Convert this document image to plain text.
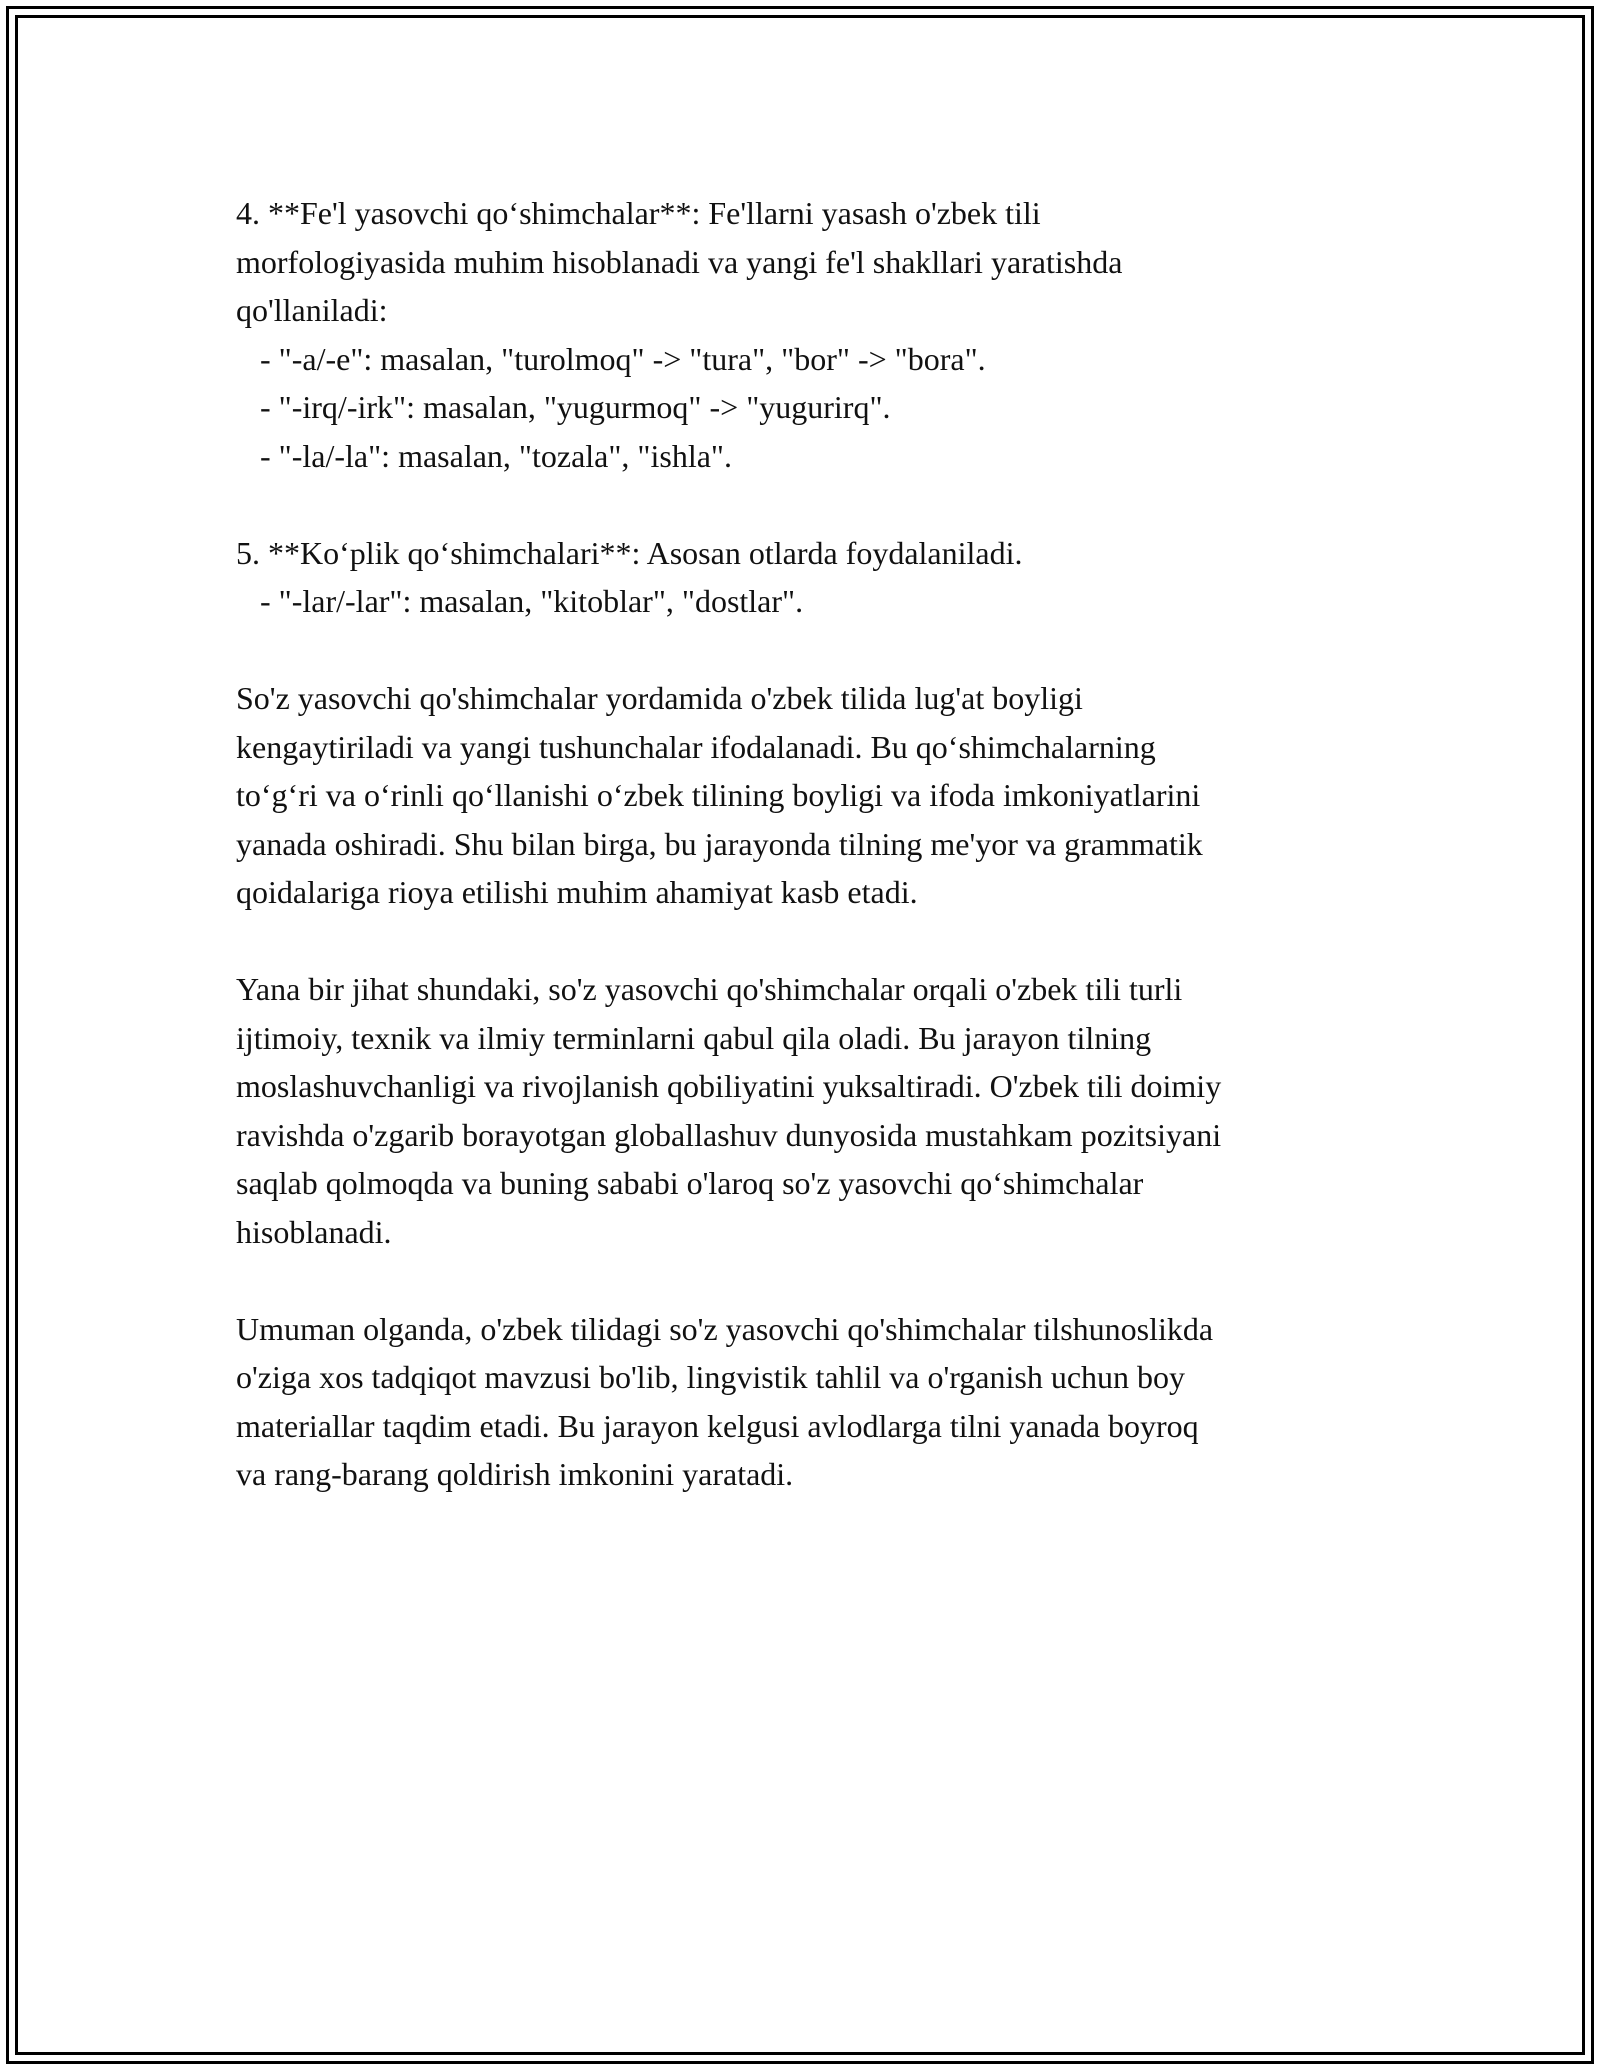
4. **Fe'l yasovchi qo‘shimchalar**: Fe'llarni yasash o'zbek tili
morfologiyasida muhim hisoblanadi va yangi fe'l shakllari yaratishda
qo'llaniladi:
- "-a/-e": masalan, "turolmoq" -> "tura", "bor" -> "bora".
- "-irq/-irk": masalan, "yugurmoq" -> "yugurirq".
- "-la/-la": masalan, "tozala", "ishla".
5. **Ko‘plik qo‘shimchalari**: Asosan otlarda foydalaniladi.
- "-lar/-lar": masalan, "kitoblar", "dostlar".
So'z yasovchi qo'shimchalar yordamida o'zbek tilida lug'at boyligi
kengaytiriladi va yangi tushunchalar ifodalanadi. Bu qo‘shimchalarning
to‘g‘ri va o‘rinli qo‘llanishi o‘zbek tilining boyligi va ifoda imkoniyatlarini
yanada oshiradi. Shu bilan birga, bu jarayonda tilning me'yor va grammatik
qoidalariga rioya etilishi muhim ahamiyat kasb etadi.
Yana bir jihat shundaki, so'z yasovchi qo'shimchalar orqali o'zbek tili turli
ijtimoiy, texnik va ilmiy terminlarni qabul qila oladi. Bu jarayon tilning
moslashuvchanligi va rivojlanish qobiliyatini yuksaltiradi. O'zbek tili doimiy
ravishda o'zgarib borayotgan globallashuv dunyosida mustahkam pozitsiyani
saqlab qolmoqda va buning sababi o'laroq so'z yasovchi qo‘shimchalar
hisoblanadi.
Umuman olganda, o'zbek tilidagi so'z yasovchi qo'shimchalar tilshunoslikda
o'ziga xos tadqiqot mavzusi bo'lib, lingvistik tahlil va o'rganish uchun boy
materiallar taqdim etadi. Bu jarayon kelgusi avlodlarga tilni yanada boyroq
va rang-barang qoldirish imkonini yaratadi.
